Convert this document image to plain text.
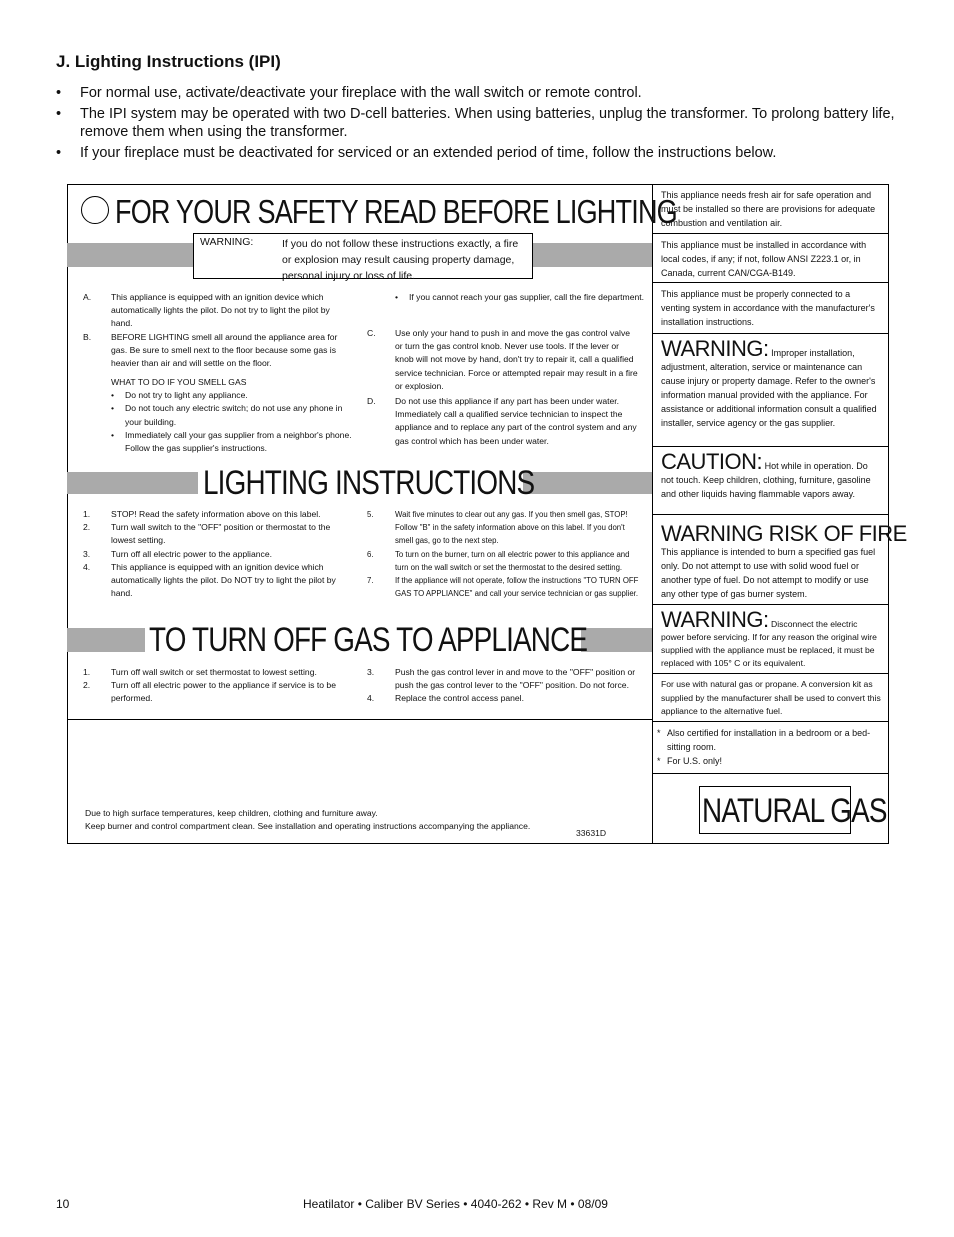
J. Lighting Instructions (IPI)
• For normal use, activate/deactivate your fireplace with the wall switch or remote control.
• The IPI system may be operated with two D-cell batteries. When using batteries, unplug the transformer. To prolong battery life, remove them when using the transformer.
• If your fireplace must be deactivated for serviced or an extended period of time, follow the instructions below.
FOR YOUR SAFETY READ BEFORE LIGHTING
WARNING:	If you do not follow these instructions exactly, a fire or explosion may result causing property damage, personal injury or loss of life.
A. This appliance is equipped with an ignition device which automatically lights the pilot. Do not try to light the pilot by hand.
B. BEFORE LIGHTING smell all around the appliance area for gas. Be sure to smell next to the floor because some gas is heavier than air and will settle on the floor.
WHAT TO DO IF YOU SMELL GAS
• Do not try to light any appliance.
• Do not touch any electric switch; do not use any phone in your building.
• Immediately call your gas supplier from a neighbor's phone. Follow the gas supplier's instructions.
• If you cannot reach your gas supplier, call the fire department.
C. Use only your hand to push in and move the gas control valve or turn the gas control knob. Never use tools. If the lever or knob will not move by hand, don't try to repair it, call a qualified service technician. Force or attempted repair may result in a fire or explosion.
D. Do not use this appliance if any part has been under water. Immediately call a qualified service technician to inspect the appliance and to replace any part of the control system and any gas control which has been under water.
LIGHTING INSTRUCTIONS
1. STOP! Read the safety information above on this label.
2. Turn wall switch to the "OFF" position or thermostat to the lowest setting.
3. Turn off all electric power to the appliance.
4. This appliance is equipped with an ignition device which automatically lights the pilot. Do NOT try to light the pilot by hand.
5.	Wait five minutes to clear out any gas. If you then smell gas, STOP! Follow "B" in the safety information above on this label. If you don't smell gas, go to the next step.
6.	To turn on the burner, turn on all electric power to this appliance and turn on the wall switch or set the thermostat to the desired setting.
7.	If the appliance will not operate, follow the instructions "TO TURN OFF GAS TO APPLIANCE" and call your service technician or gas supplier.
TO TURN OFF GAS TO APPLIANCE
1. Turn off wall switch or set thermostat to lowest setting.
2. Turn off all electric power to the appliance if service is to be performed.
3. Push the gas control lever in and move to the "OFF" position or push the gas control lever to the "OFF" position. Do not force.
4. Replace the control access panel.
Due to high surface temperatures, keep children, clothing and furniture away.
Keep burner and control compartment clean. See installation and operating instructions accompanying the appliance.
33631D
This appliance needs fresh air for safe operation and must be installed so there are provisions for adequate combustion and ventilation air.
This appliance must be installed in accordance with local codes, if any; if not, follow ANSI Z223.1 or, in Canada, current CAN/CGA-B149.
This appliance must be properly connected to a venting system in accordance with the manufacturer's installation instructions.
WARNING: Improper installation, adjustment, alteration, service or maintenance can cause injury or property damage. Refer to the owner's information manual provided with the appliance. For assistance or additional information consult a qualified installer, service agency or the gas supplier.
CAUTION: Hot while in operation. Do not touch. Keep children, clothing, furniture, gasoline and other liquids having flammable vapors away.
WARNING RISK OF FIRE
This appliance is intended to burn a specified gas fuel only. Do not attempt to use with solid wood fuel or another type of fuel. Do not attempt to modify or use any other type of gas burner system.
WARNING: Disconnect the electric power before servicing. If for any reason the original wire supplied with the appliance must be replaced, it must be replaced with 105° C or its equivalent.
For use with natural gas or propane. A conversion kit as supplied by the manufacturer shall be used to convert this appliance to the alternative fuel.
* Also certified for installation in a bedroom or a bed-sitting room.
* For U.S. only!
NATURAL GAS
10	Heatilator • Caliber BV Series • 4040-262 • Rev M • 08/09
